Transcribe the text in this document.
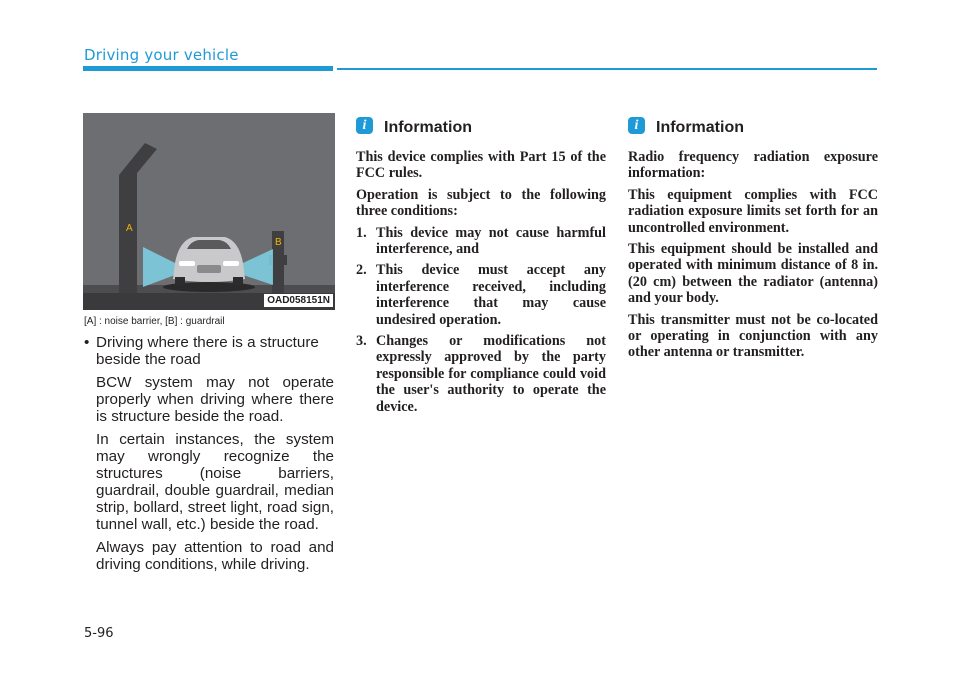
Driving your vehicle
A
B
OAD058151N
[A] : noise barrier, [B] : guardrail
• Driving where there is a structure beside the road
BCW system may not operate properly when driving where there is structure beside the road.
In certain instances, the system may wrongly recognize the structures (noise barriers, guardrail, double guardrail, median strip, bollard, street light, road sign, tunnel wall, etc.) beside the road.
Always pay attention to road and driving conditions, while driving.
i	Information

This device complies with Part 15 of the FCC rules.

Operation is subject to the following three conditions:

1. This device may not cause harmful interference, and
2. This device must accept any interference received, including interference that may cause undesired operation.
3. Changes or modifications not expressly approved by the party responsible for compliance could void the user's authority to operate the device.
i	Information

Radio frequency radiation exposure information:

This equipment complies with FCC radiation exposure limits set forth for an uncontrolled environment.

This equipment should be installed and operated with minimum distance of 8 in. (20 cm) between the radiator (antenna) and your body.

This transmitter must not be co-located or operating in conjunction with any other antenna or transmitter.

5-96
